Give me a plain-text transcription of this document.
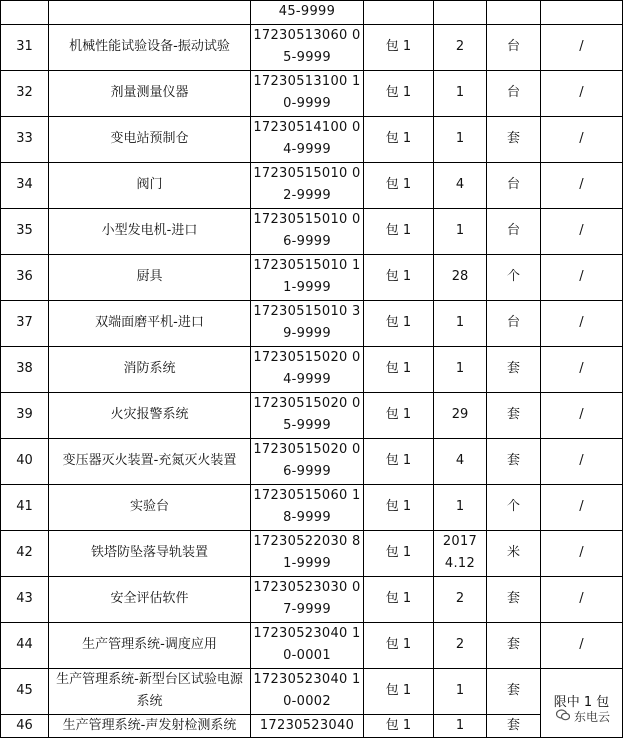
		45-9999				
31	机械性能试验设备-振动试验	17230513060 05-9999	包 1	2	台	/
32	剂量测量仪器	17230513100 10-9999	包 1	1	台	/
33	变电站预制仓	17230514100 04-9999	包 1	1	套	/
34	阀门	17230515010 02-9999	包 1	4	台	/
35	小型发电机-进口	17230515010 06-9999	包 1	1	台	/
36	厨具	17230515010 11-9999	包 1	28	个	/
37	双端面磨平机-进口	17230515010 39-9999	包 1	1	台	/
38	消防系统	17230515020 04-9999	包 1	1	套	/
39	火灾报警系统	17230515020 05-9999	包 1	29	套	/
40	变压器灭火装置-充氮灭火装置	17230515020 06-9999	包 1	4	套	/
41	实验台	17230515060 18-9999	包 1	1	个	/
42	铁塔防坠落导轨装置	17230522030 81-9999	包 1	2017 4.12	米	/
43	安全评估软件	17230523030 07-9999	包 1	2	套	/
44	生产管理系统-调度应用	17230523040 10-0001	包 1	2	套	/
45	生产管理系统-新型台区试验电源系统	17230523040 10-0002	包 1	1	套	限中 1 包
46	生产管理系统-声发射检测系统	17230523040	包 1	1	套	
东电云
